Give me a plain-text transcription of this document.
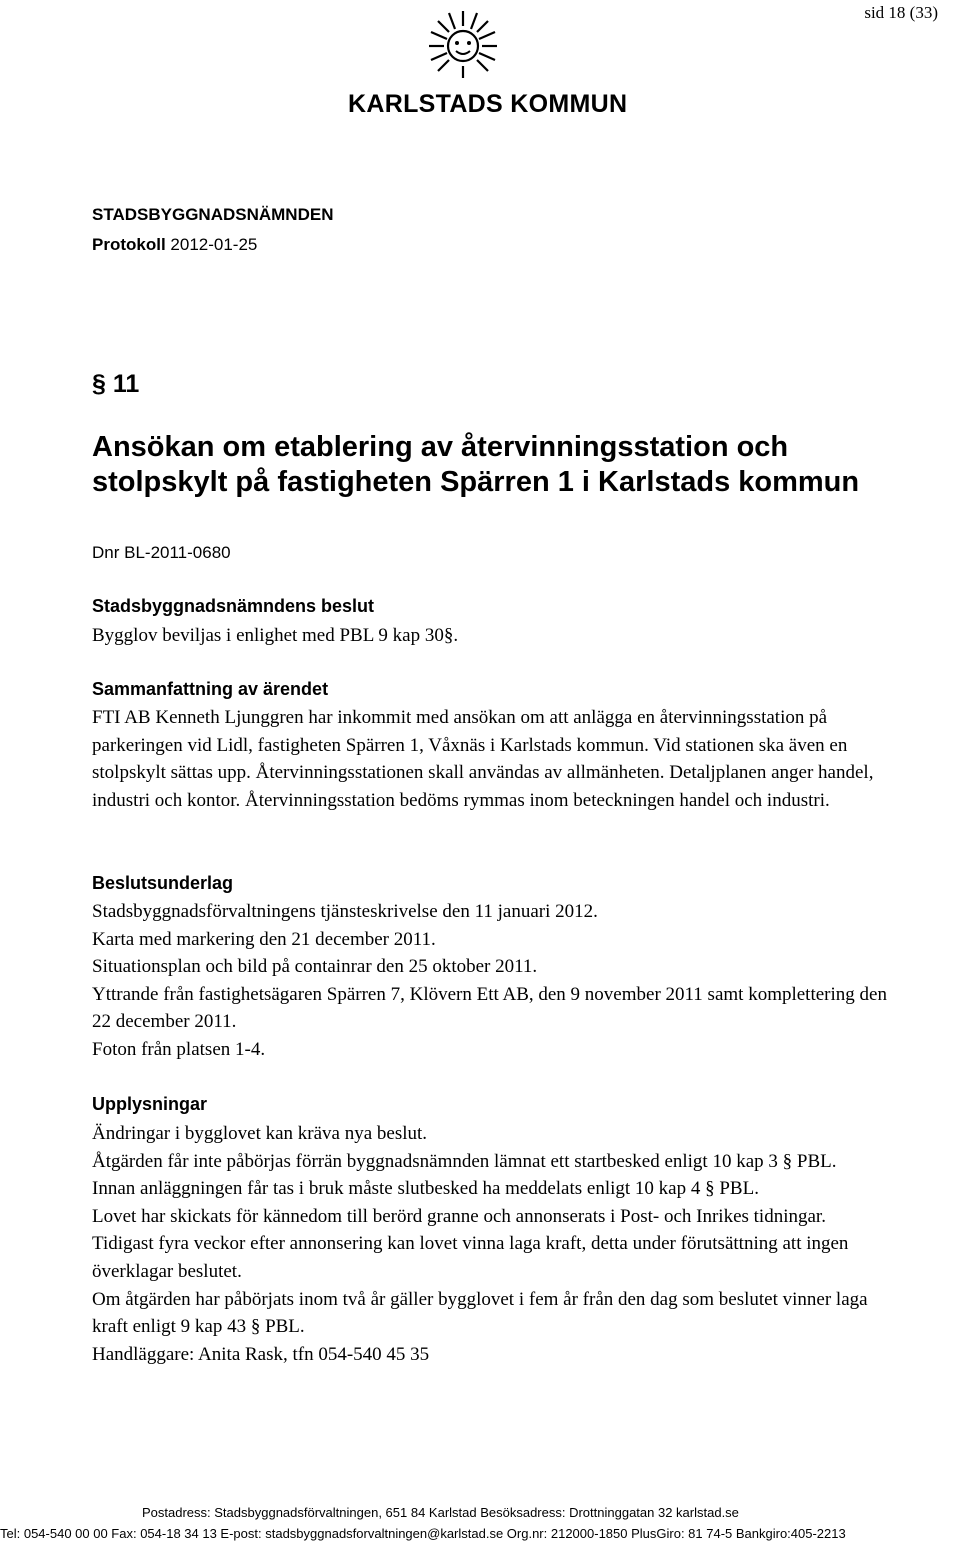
sid 18 (33)
KARLSTADS KOMMUN
STADSBYGGNADSNÄMNDEN
Protokoll 2012-01-25
§ 11
Ansökan om etablering av återvinningsstation och stolpskylt på fastigheten Spärren 1 i Karlstads kommun
Dnr BL-2011-0680
Stadsbyggnadsnämndens beslut

Bygglov beviljas i enlighet med PBL 9 kap 30§.

Sammanfattning av ärendet

FTI AB Kenneth Ljunggren har inkommit med ansökan om att anlägga en återvinningsstation på parkeringen vid Lidl, fastigheten Spärren 1, Våxnäs i Karlstads kommun. Vid stationen ska även en stolpskylt sättas upp. Återvinningsstationen skall användas av allmänheten. Detaljplanen anger handel, industri och kontor. Återvinningsstation bedöms rymmas inom beteckningen handel och industri.

Beslutsunderlag

Stadsbyggnadsförvaltningens tjänsteskrivelse den 11 januari 2012.

Karta med markering den 21 december 2011.

Situationsplan och bild på containrar den 25 oktober 2011.

Yttrande från fastighetsägaren Spärren 7, Klövern Ett AB, den 9 november 2011 samt komplettering den 22 december 2011.

Foton från platsen 1-4.

Upplysningar

Ändringar i bygglovet kan kräva nya beslut.

Åtgärden får inte påbörjas förrän byggnadsnämnden lämnat ett startbesked enligt 10 kap 3 § PBL.

Innan anläggningen får tas i bruk måste slutbesked ha meddelats enligt 10 kap 4 § PBL.

Lovet har skickats för kännedom till berörd granne och annonserats i Post- och Inrikes tidningar.

Tidigast fyra veckor efter annonsering kan lovet vinna laga kraft, detta under förutsättning att ingen överklagar beslutet.

Om åtgärden har påbörjats inom två år gäller bygglovet i fem år från den dag som beslutet vinner laga kraft enligt 9 kap 43 § PBL.

Handläggare: Anita Rask, tfn 054-540 45 35

Postadress: Stadsbyggnadsförvaltningen, 651 84 Karlstad Besöksadress: Drottninggatan 32 karlstad.se
Tel: 054-540 00 00 Fax: 054-18 34 13 E-post: stadsbyggnadsforvaltningen@karlstad.se Org.nr: 212000-1850 PlusGiro: 81 74-5 Bankgiro:405-2213
